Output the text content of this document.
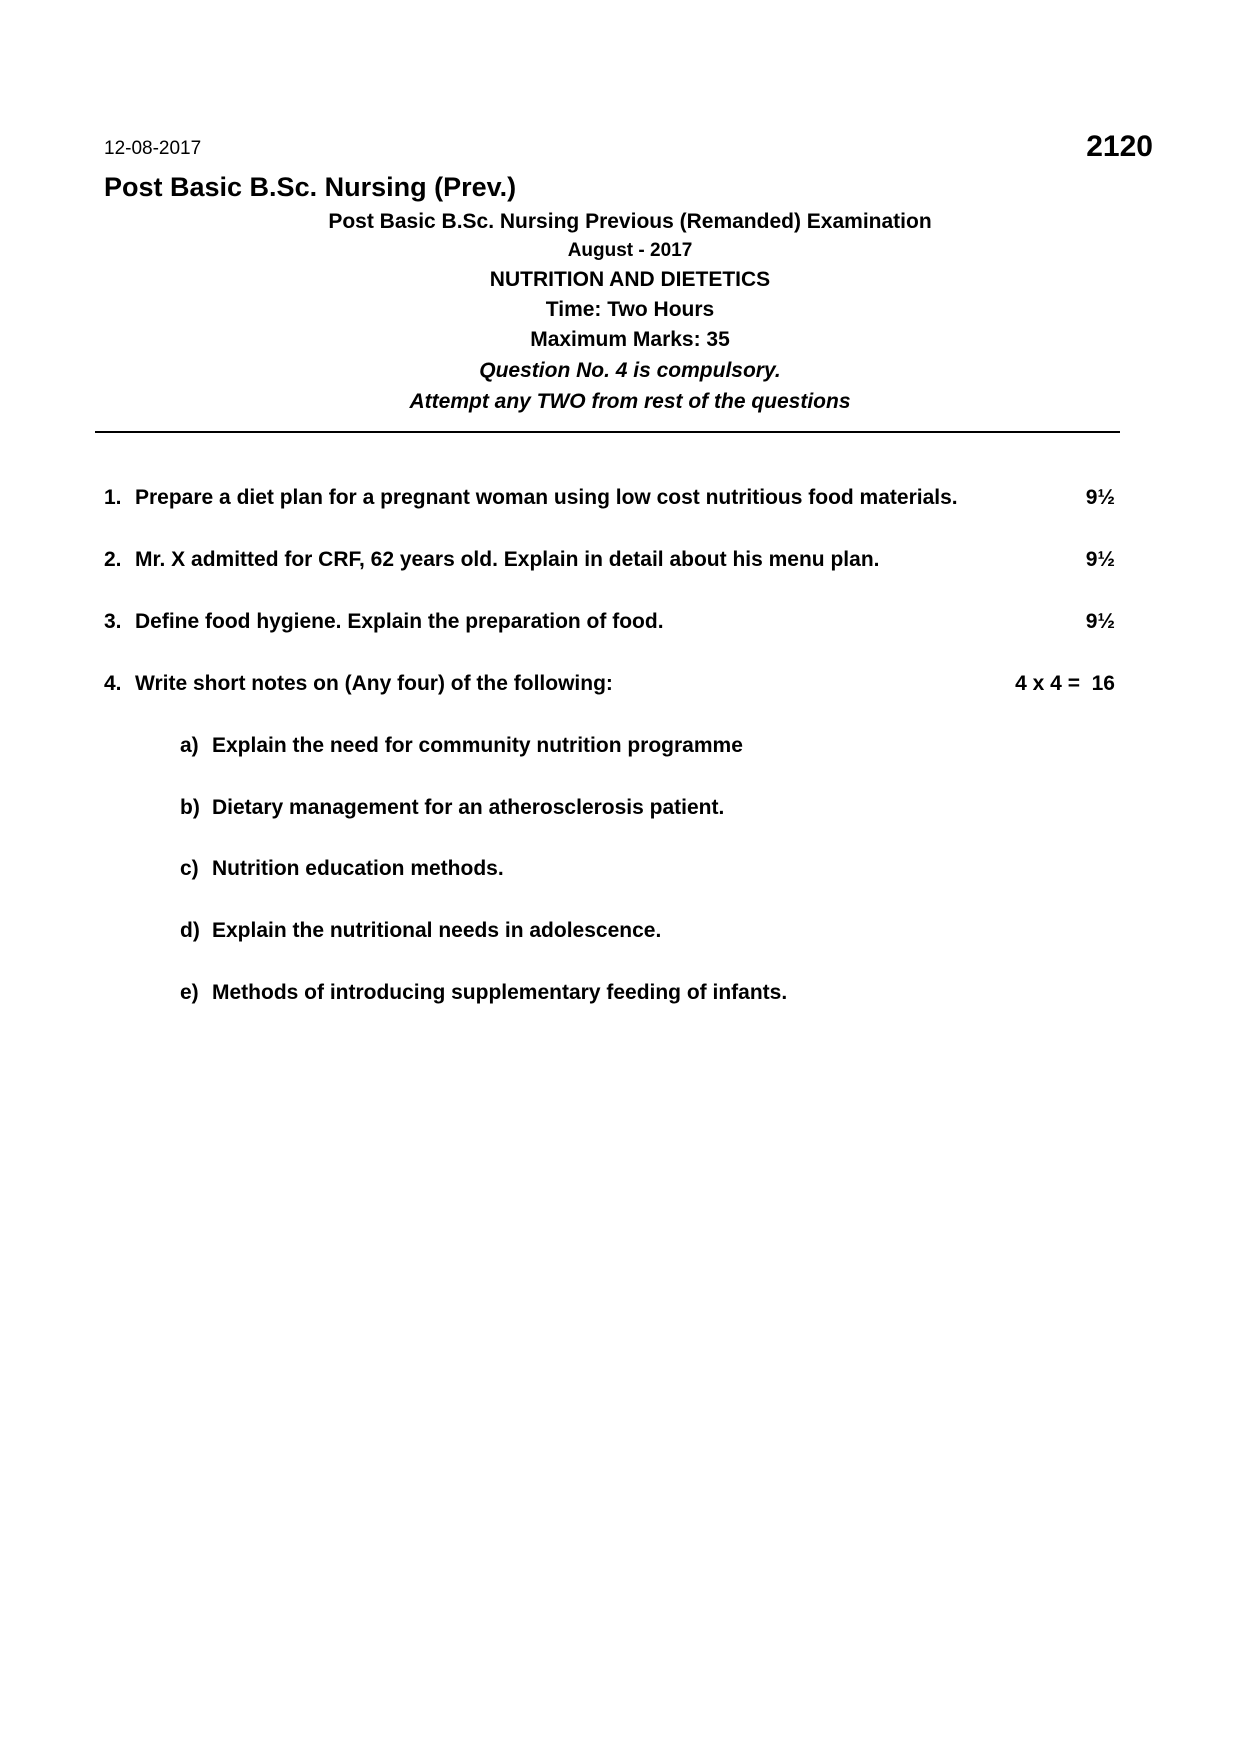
12-08-2017	2120
Post Basic B.Sc. Nursing (Prev.)
Post Basic B.Sc. Nursing Previous (Remanded) Examination
August - 2017
NUTRITION AND DIETETICS
Time: Two Hours
Maximum Marks: 35
Question No. 4 is compulsory.
Attempt any TWO from rest of the questions
1. Prepare a diet plan for a pregnant woman using low cost nutritious food materials.	9½
2. Mr. X admitted for CRF, 62 years old. Explain in detail about his menu plan.	9½
3. Define food hygiene. Explain the preparation of food.	9½
4. Write short notes on (Any four) of the following:	4 x 4 =  16
a) Explain the need for community nutrition programme
b) Dietary management for an atherosclerosis patient.
c) Nutrition education methods.
d) Explain the nutritional needs in adolescence.
e) Methods of introducing supplementary feeding of infants.
